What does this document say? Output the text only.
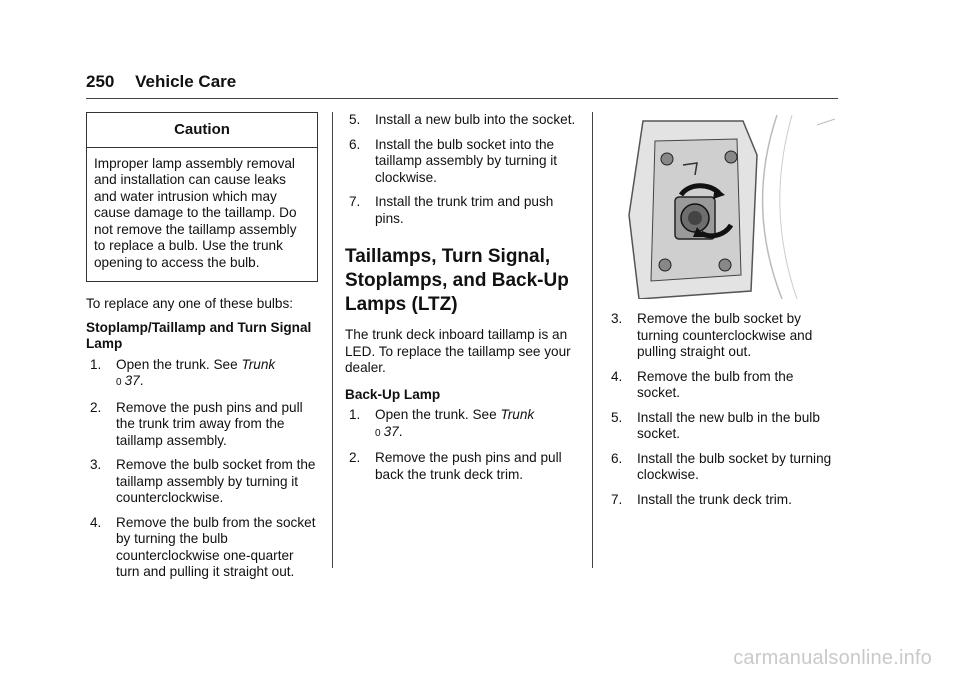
250 Vehicle Care
Caution
Improper lamp assembly removal and installation can cause leaks and water intrusion which may cause damage to the taillamp. Do not remove the taillamp assembly to replace a bulb. Use the trunk opening to access the bulb.

To replace any one of these bulbs:

Stoplamp/Taillamp and Turn Signal Lamp

1. Open the trunk. See Trunk
0 37.
2. Remove the push pins and pull the trunk trim away from the taillamp assembly.
3. Remove the bulb socket from the taillamp assembly by turning it counterclockwise.
4. Remove the bulb from the socket by turning the bulb counterclockwise one-quarter turn and pulling it straight out.
5. Install a new bulb into the socket.
6. Install the bulb socket into the taillamp assembly by turning it clockwise.
7. Install the trunk trim and push pins.
Taillamps, Turn Signal, Stoplamps, and Back-Up Lamps (LTZ)

The trunk deck inboard taillamp is an LED. To replace the taillamp see your dealer.

Back-Up Lamp

1. Open the trunk. See Trunk
0 37.
2. Remove the push pins and pull back the trunk deck trim.
3. Remove the bulb socket by turning counterclockwise and pulling straight out.
4. Remove the bulb from the socket.
5. Install the new bulb in the bulb socket.
6. Install the bulb socket by turning clockwise.
7. Install the trunk deck trim.
carmanualsonline.info
